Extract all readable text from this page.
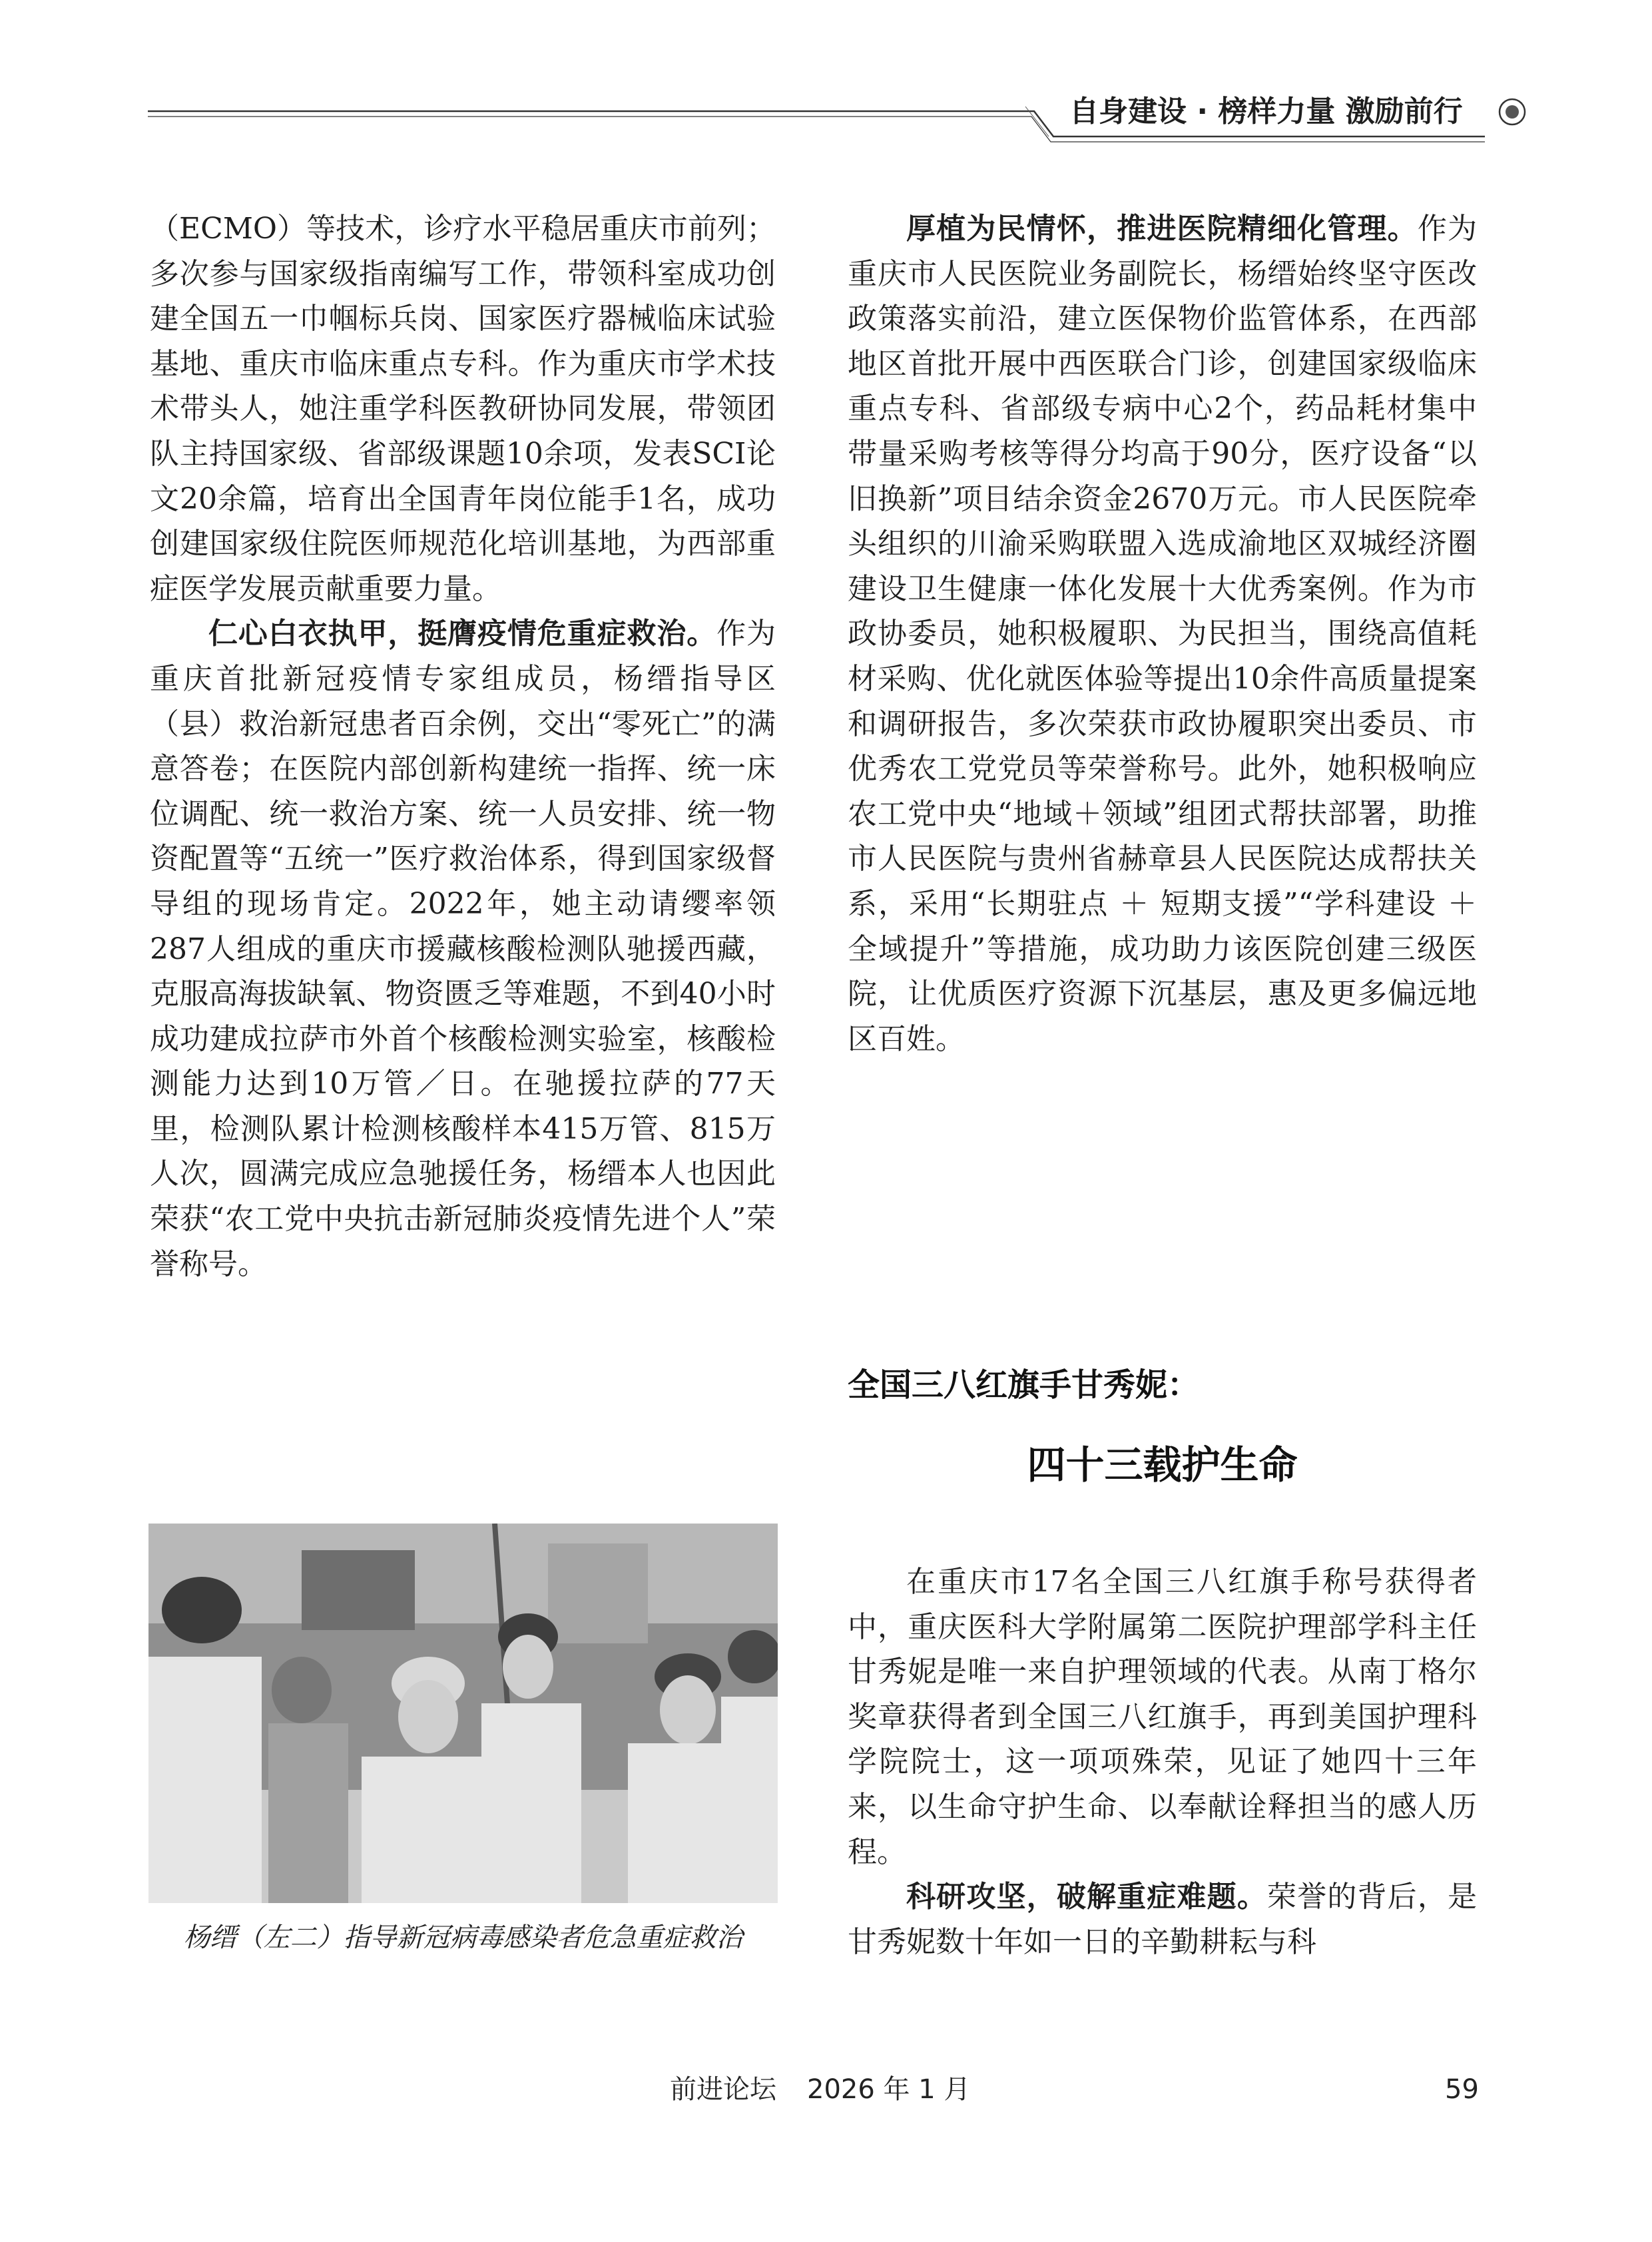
自身建设 · 榜样力量 激励前行

（ECMO）等技术，诊疗水平稳居重庆市前列；多次参与国家级指南编写工作，带领科室成功创建全国五一巾帼标兵岗、国家医疗器械临床试验基地、重庆市临床重点专科。作为重庆市学术技术带头人，她注重学科医教研协同发展，带领团队主持国家级、省部级课题10余项，发表SCI论文20余篇，培育出全国青年岗位能手1名，成功创建国家级住院医师规范化培训基地，为西部重症医学发展贡献重要力量。

仁心白衣执甲，挺膺疫情危重症救治。作为重庆首批新冠疫情专家组成员，杨缙指导区（县）救治新冠患者百余例，交出“零死亡”的满意答卷；在医院内部创新构建统一指挥、统一床位调配、统一救治方案、统一人员安排、统一物资配置等“五统一”医疗救治体系，得到国家级督导组的现场肯定。2022年，她主动请缨率领287人组成的重庆市援藏核酸检测队驰援西藏，克服高海拔缺氧、物资匮乏等难题，不到40小时成功建成拉萨市外首个核酸检测实验室，核酸检测能力达到10万管／日。在驰援拉萨的77天里，检测队累计检测核酸样本415万管、815万人次，圆满完成应急驰援任务，杨缙本人也因此荣获“农工党中央抗击新冠肺炎疫情先进个人”荣誉称号。

杨缙（左二）指导新冠病毒感染者危急重症救治

厚植为民情怀，推进医院精细化管理。作为重庆市人民医院业务副院长，杨缙始终坚守医改政策落实前沿，建立医保物价监管体系，在西部地区首批开展中西医联合门诊，创建国家级临床重点专科、省部级专病中心2个，药品耗材集中带量采购考核等得分均高于90分，医疗设备“以旧换新”项目结余资金2670万元。市人民医院牵头组织的川渝采购联盟入选成渝地区双城经济圈建设卫生健康一体化发展十大优秀案例。作为市政协委员，她积极履职、为民担当，围绕高值耗材采购、优化就医体验等提出10余件高质量提案和调研报告，多次荣获市政协履职突出委员、市优秀农工党党员等荣誉称号。此外，她积极响应农工党中央“地域＋领域”组团式帮扶部署，助推市人民医院与贵州省赫章县人民医院达成帮扶关系，采用“长期驻点 ＋ 短期支援”“学科建设 ＋ 全域提升”等措施，成功助力该医院创建三级医院，让优质医疗资源下沉基层，惠及更多偏远地区百姓。

全国三八红旗手甘秀妮：
四十三载护生命

在重庆市17名全国三八红旗手称号获得者中，重庆医科大学附属第二医院护理部学科主任甘秀妮是唯一来自护理领域的代表。从南丁格尔奖章获得者到全国三八红旗手，再到美国护理科学院院士，这一项项殊荣，见证了她四十三年来，以生命守护生命、以奉献诠释担当的感人历程。

科研攻坚，破解重症难题。荣誉的背后，是甘秀妮数十年如一日的辛勤耕耘与科

前进论坛 2026 年 1 月	59
